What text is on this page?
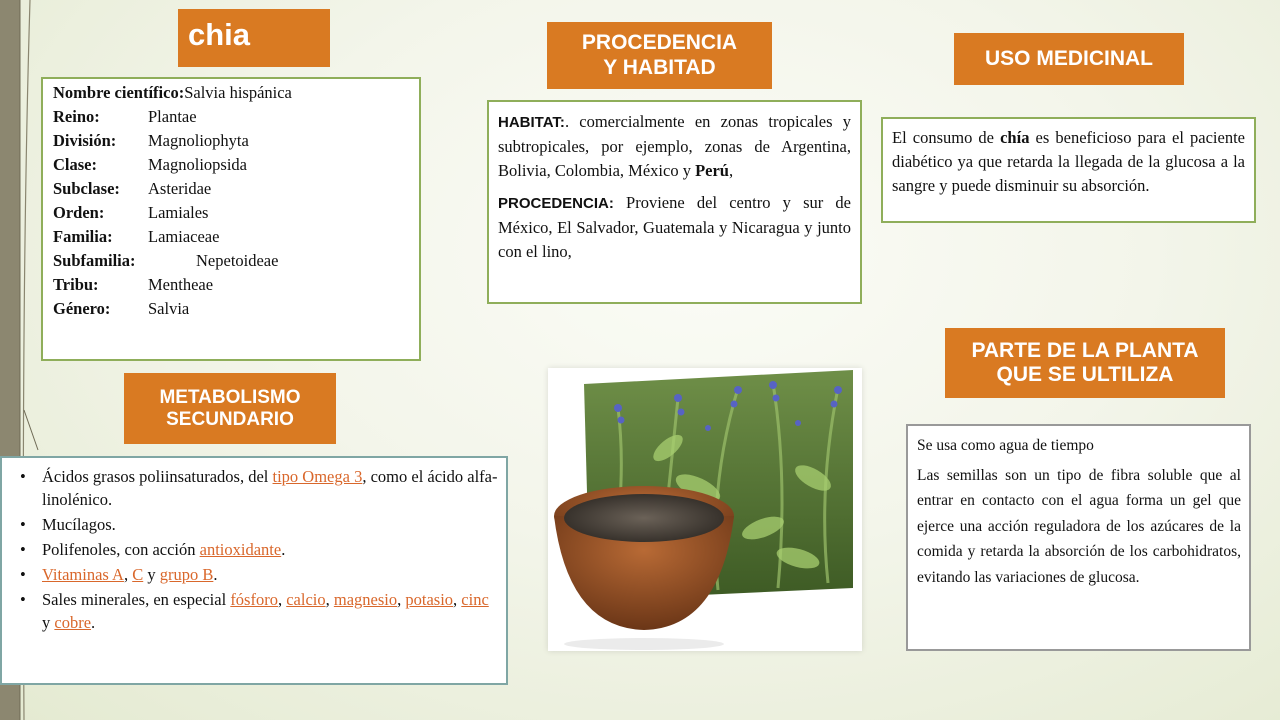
chia
Nombre científico: Salvia hispánica
Reino:	Plantae
División:	Magnoliophyta
Clase:	Magnoliopsida
Subclase:	Asteridae
Orden:	Lamiales
Familia:	Lamiaceae
Subfamilia:	Nepetoideae
Tribu:	Mentheae
Género:	Salvia
METABOLISMO
SECUNDARIO
• Ácidos grasos poliinsaturados, del tipo Omega 3, como el ácido alfa-linolénico.
• Mucílagos.
• Polifenoles, con acción antioxidante.
• Vitaminas A, C y grupo B.
• Sales minerales, en especial fósforo, calcio, magnesio, potasio, cinc y cobre.
PROCEDENCIA
Y HABITAD

HABITAT:. comercialmente en zonas tropicales y subtropicales, por ejemplo, zonas de Argentina, Bolivia, Colombia, México y Perú,

PROCEDENCIA: Proviene del centro y sur de México, El Salvador, Guatemala y Nicaragua y junto con el lino,

USO MEDICINAL
El consumo de chía es beneficioso para el paciente diabético ya que retarda la llegada de la glucosa a la sangre y puede disminuir su absorción.
PARTE DE LA PLANTA
QUE SE ULTILIZA

Se usa como agua de tiempo

Las semillas son un tipo de fibra soluble que al entrar en contacto con el agua forma un gel que ejerce una acción reguladora de los azúcares de la comida y retarda la absorción de los carbohidratos, evitando las variaciones de glucosa.
